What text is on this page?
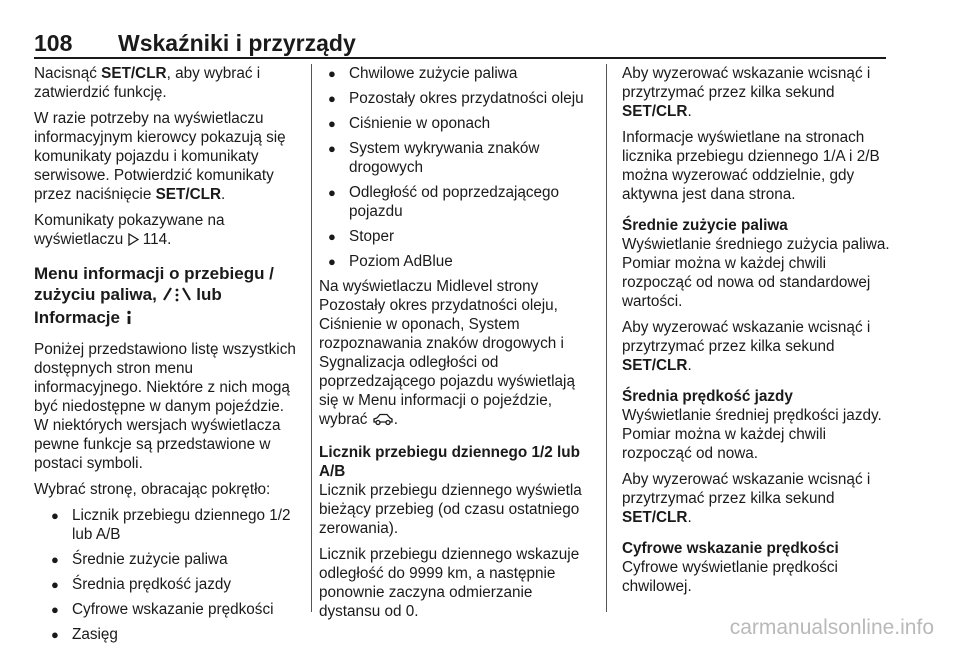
108 Wskaźniki i przyrządy

Nacisnąć SET/CLR, aby wybrać i zatwierdzić funkcję.

W razie potrzeby na wyświetlaczu informacyjnym kierowcy pokazują się komunikaty pojazdu i komunikaty serwisowe. Potwierdzić komunikaty przez naciśnięcie SET/CLR.

Komunikaty pokazywane na wyświetlaczu  114.

Menu informacji o przebiegu / zużyciu paliwa,  lub
Informacje

Poniżej przedstawiono listę wszystkich dostępnych stron menu informacyjnego. Niektóre z nich mogą być niedostępne w danym pojeździe. W niektórych wersjach wyświetlacza pewne funkcje są przedstawione w postaci symboli.

Wybrać stronę, obracając pokrętło:

● Licznik przebiegu dziennego 1/2 lub A/B
● Średnie zużycie paliwa
● Średnia prędkość jazdy
● Cyfrowe wskazanie prędkości
● Zasięg
● Chwilowe zużycie paliwa
● Pozostały okres przydatności oleju
● Ciśnienie w oponach
● System wykrywania znaków drogowych
● Odległość od poprzedzającego pojazdu
● Stoper
● Poziom AdBlue

Na wyświetlaczu Midlevel strony Pozostały okres przydatności oleju, Ciśnienie w oponach, System rozpoznawania znaków drogowych i Sygnalizacja odległości od poprzedzającego pojazdu wyświetlają się w Menu informacji o pojeździe, wybrać .

Licznik przebiegu dziennego 1/2 lub A/B

Licznik przebiegu dziennego wyświetla bieżący przebieg (od czasu ostatniego zerowania).

Licznik przebiegu dziennego wskazuje odległość do 9999 km, a następnie ponownie zaczyna odmierzanie dystansu od 0.

Aby wyzerować wskazanie wcisnąć i przytrzymać przez kilka sekund SET/CLR.

Informacje wyświetlane na stronach licznika przebiegu dziennego 1/A i 2/B można wyzerować oddzielnie, gdy aktywna jest dana strona.

Średnie zużycie paliwa

Wyświetlanie średniego zużycia paliwa. Pomiar można w każdej chwili rozpocząć od nowa od standardowej wartości.

Aby wyzerować wskazanie wcisnąć i przytrzymać przez kilka sekund SET/CLR.

Średnia prędkość jazdy

Wyświetlanie średniej prędkości jazdy. Pomiar można w każdej chwili rozpocząć od nowa.

Aby wyzerować wskazanie wcisnąć i przytrzymać przez kilka sekund SET/CLR.

Cyfrowe wskazanie prędkości

Cyfrowe wyświetlanie prędkości chwilowej.

carmanualsonline.info
